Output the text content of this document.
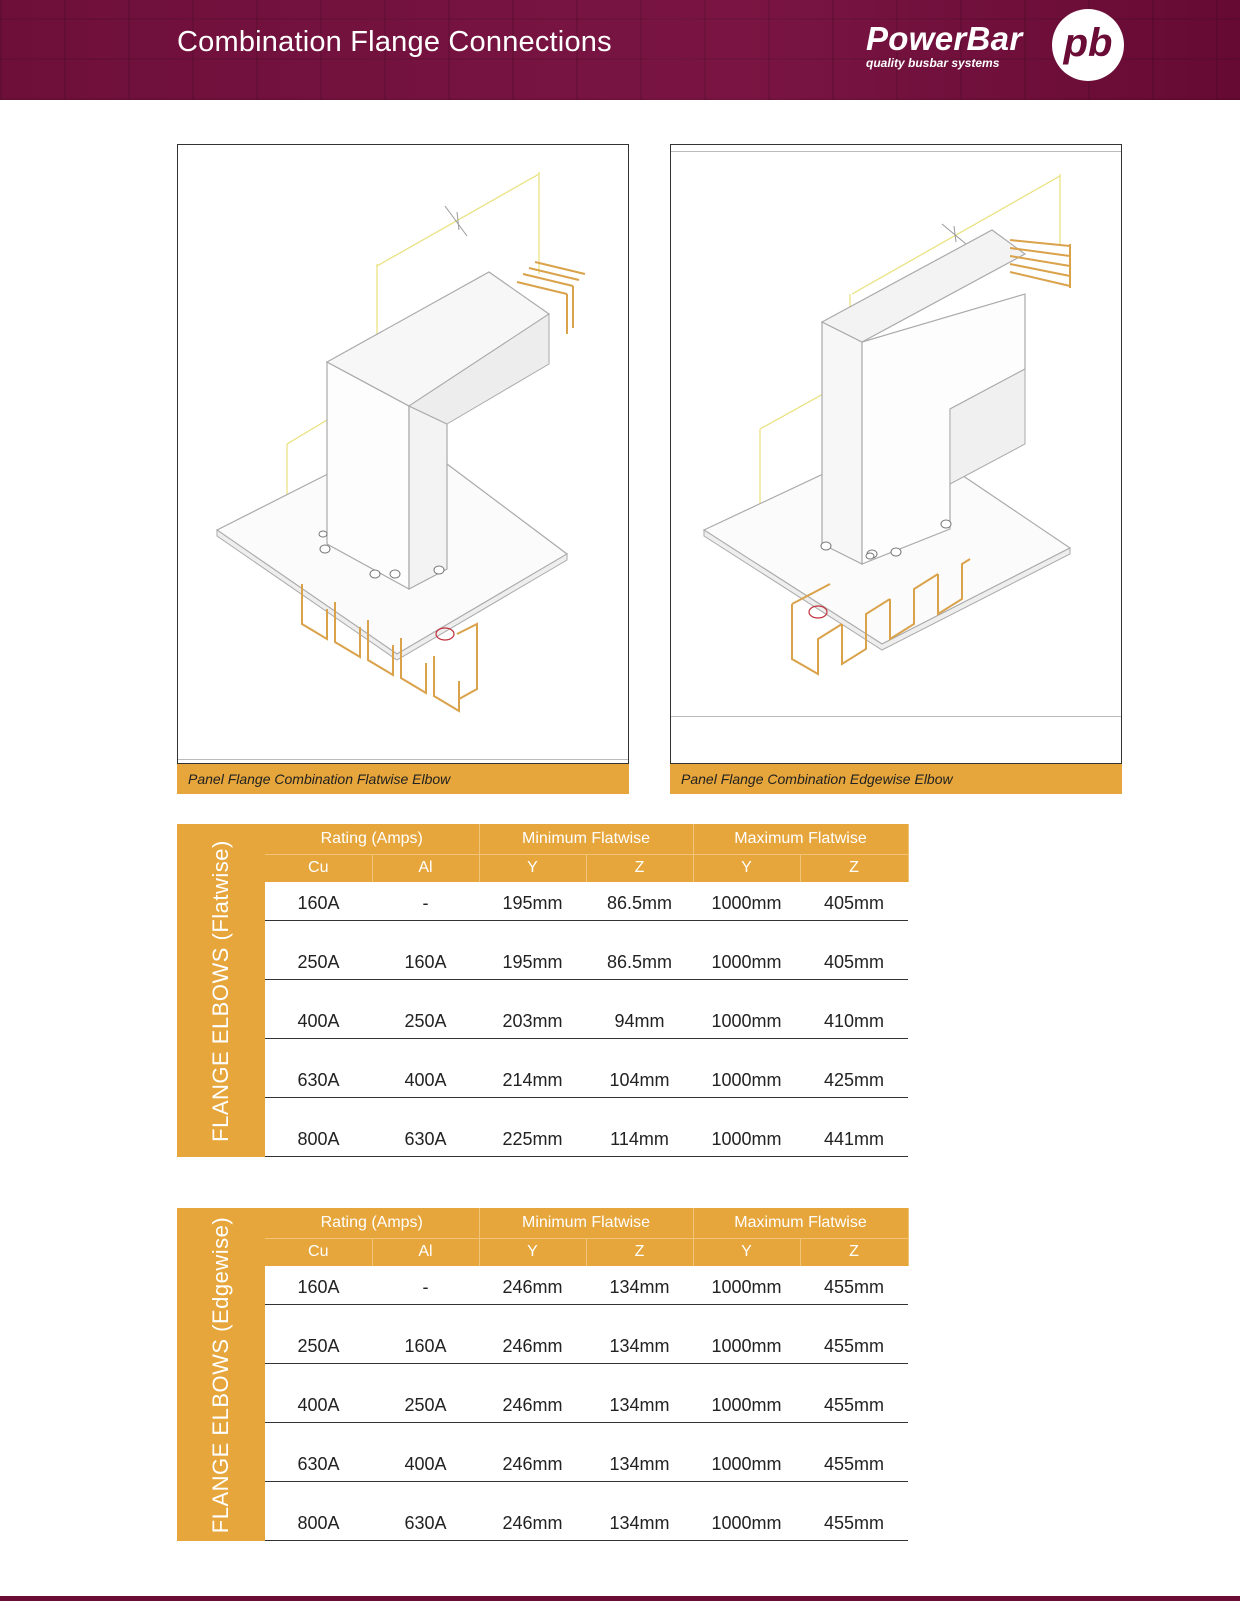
Combination Flange Connections	PowerBar
quality busbar systems pb
Panel Flange Combination Flatwise Elbow	Panel Flange Combination Edgewise Elbow
FLANGE ELBOWS (Flatwise)
Rating (Amps)		Minimum Flatwise		Maximum Flatwise	
Cu	Al	Y	Z	Y	Z
160A	-	195mm	86.5mm	1000mm	405mm
250A	160A	195mm	86.5mm	1000mm	405mm
400A	250A	203mm	94mm	1000mm	410mm
630A	400A	214mm	104mm	1000mm	425mm
800A	630A	225mm	114mm	1000mm	441mm
FLANGE ELBOWS (Edgewise)	Rating (Amps)		Minimum Flatwise		Maximum Flatwise	
Cu	Al	Y	Z	Y	Z
160A	-	246mm	134mm	1000mm	455mm
250A	160A	246mm	134mm	1000mm	455mm
400A	250A	246mm	134mm	1000mm	455mm
630A	400A	246mm	134mm	1000mm	455mm
800A	630A	246mm	134mm	1000mm	455mm
